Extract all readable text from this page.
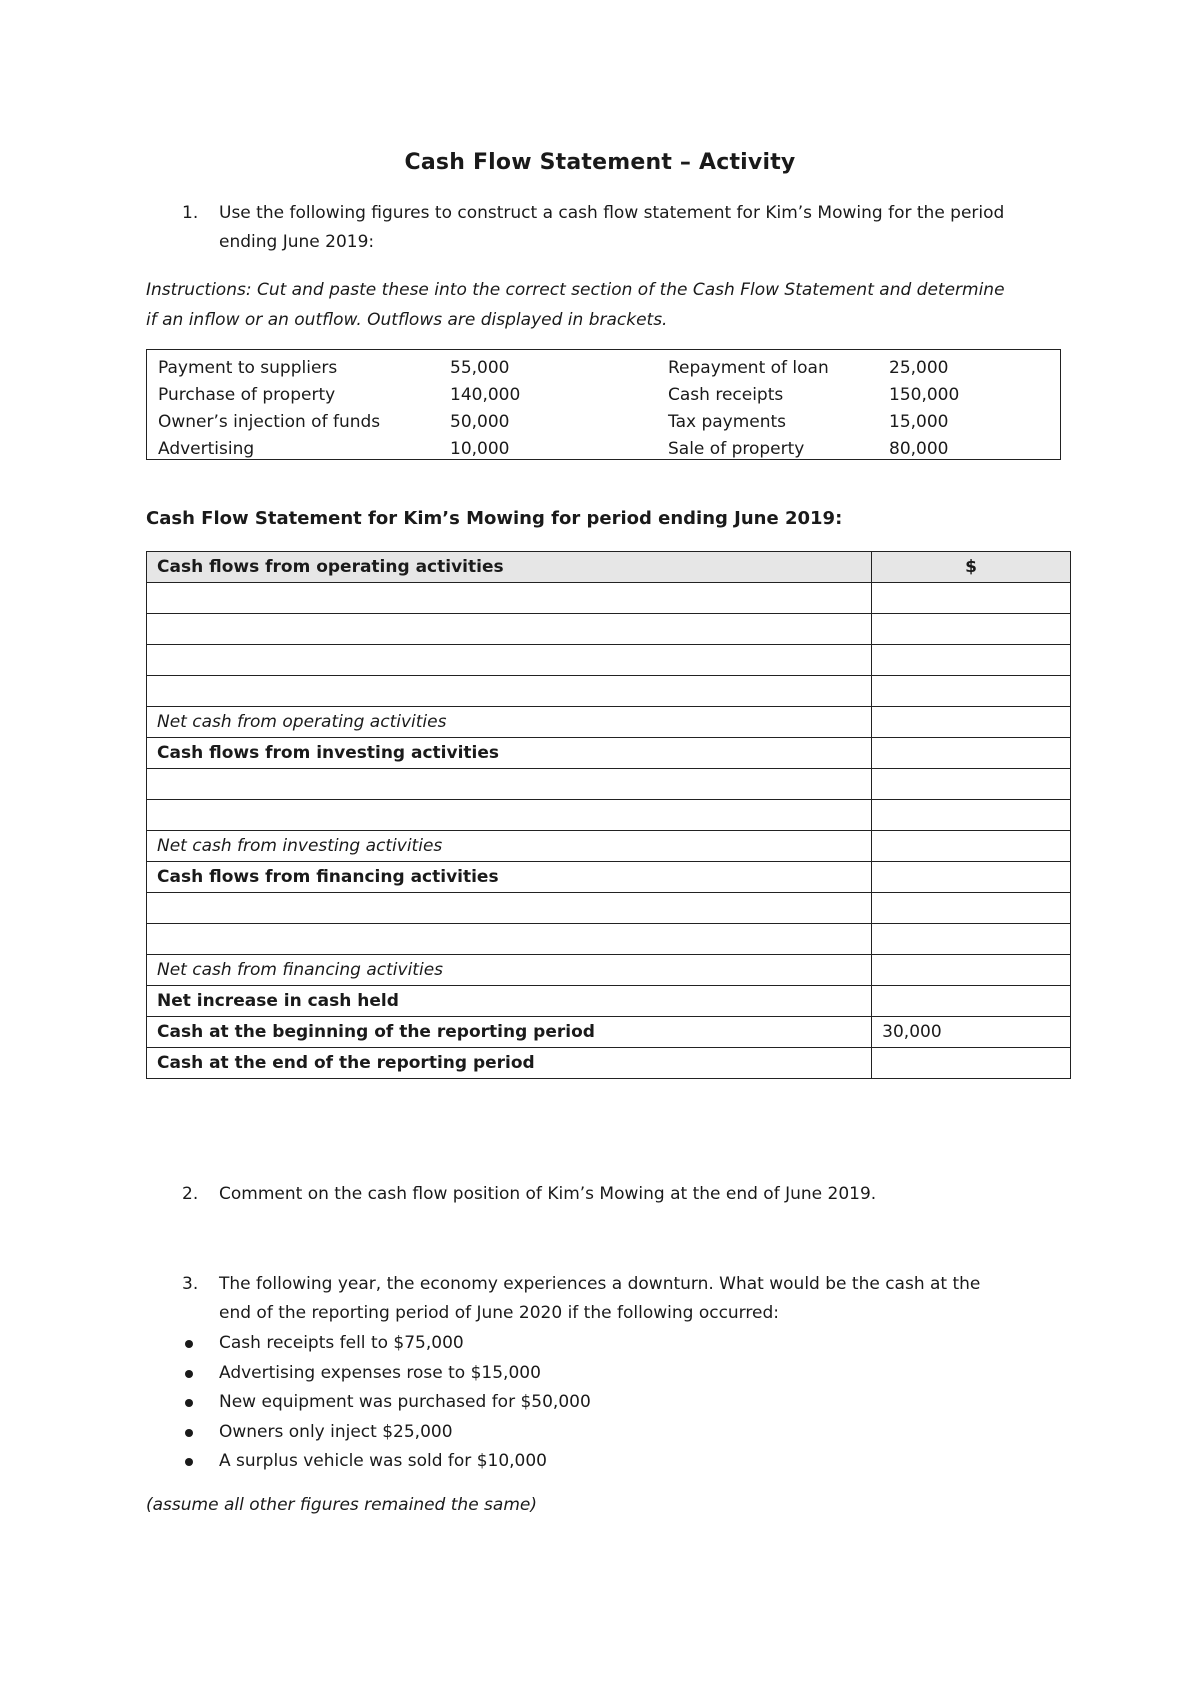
Cash Flow Statement – Activity
1. Use the following figures to construct a cash flow statement for Kim’s Mowing for the period
ending June 2019:
Instructions: Cut and paste these into the correct section of the Cash Flow Statement and determine
if an inflow or an outflow. Outflows are displayed in brackets.
Payment to suppliers	55,000
Purchase of property	140,000
Owner’s injection of funds	50,000
Advertising	10,000
Repayment of loan	25,000
Cash receipts	150,000
Tax payments	15,000
Sale of property	80,000
Cash Flow Statement for Kim’s Mowing for period ending June 2019:
Cash flows from operating activities	$

Net cash from operating activities	
Cash flows from investing activities	

Net cash from investing activities	
Cash flows from financing activities	

Net cash from financing activities	
Net increase in cash held	
Cash at the beginning of the reporting period	30,000
Cash at the end of the reporting period	
2. Comment on the cash flow position of Kim’s Mowing at the end of June 2019.
3. The following year, the economy experiences a downturn. What would be the cash at the
end of the reporting period of June 2020 if the following occurred:
Cash receipts fell to $75,000
Advertising expenses rose to $15,000
New equipment was purchased for $50,000
Owners only inject $25,000
A surplus vehicle was sold for $10,000
(assume all other figures remained the same)
